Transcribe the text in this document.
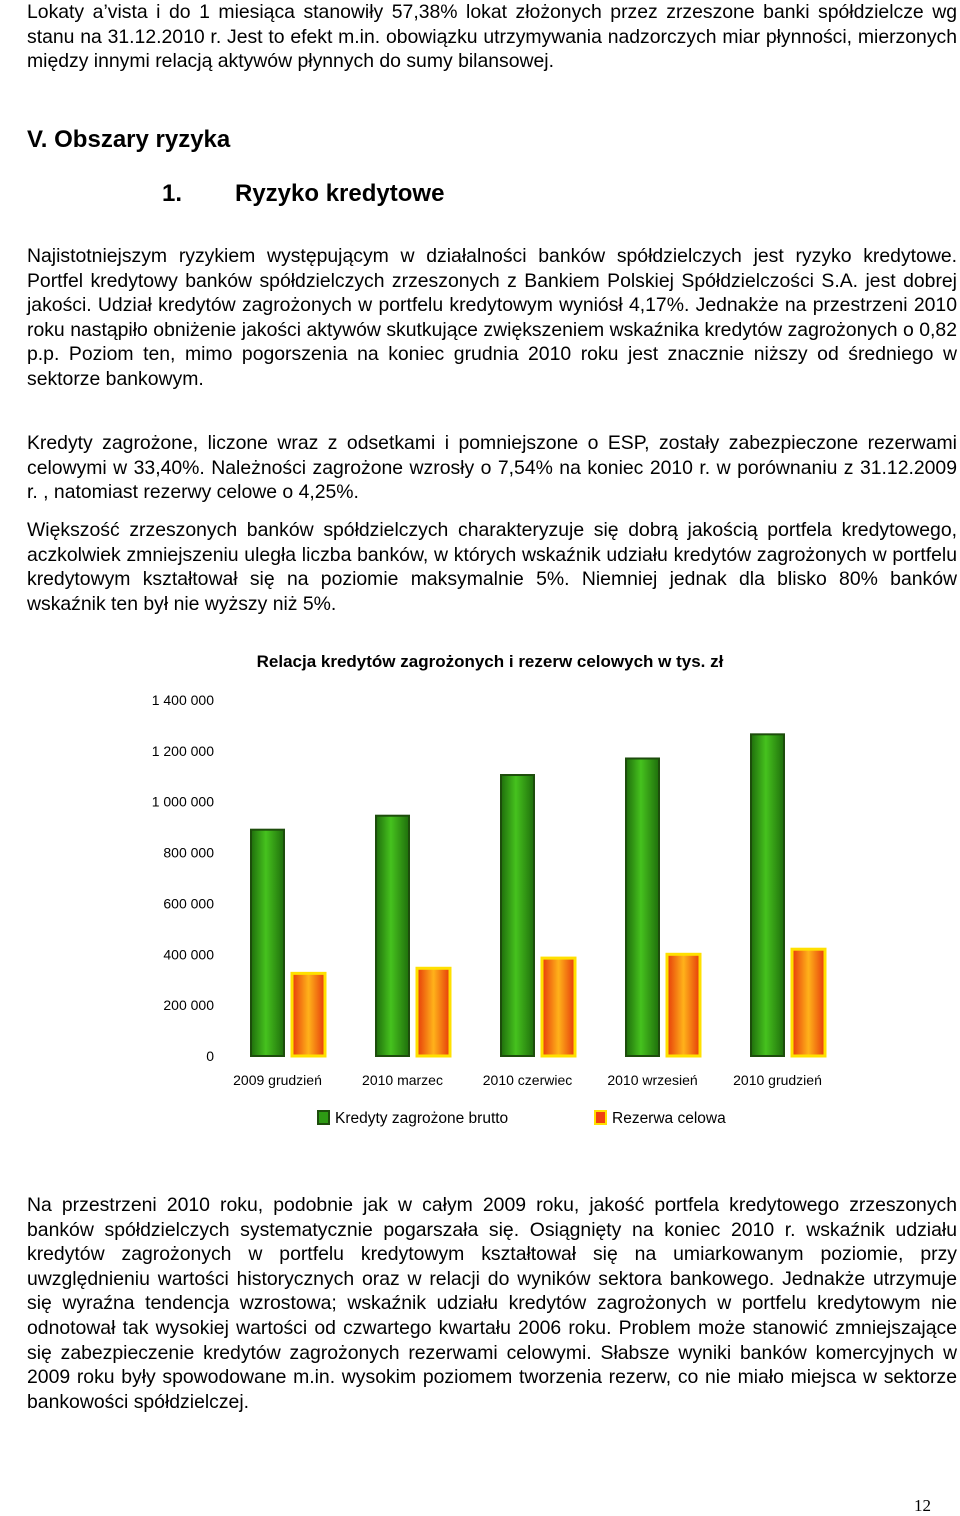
Lokaty a’vista i do 1 miesiąca stanowiły 57,38% lokat złożonych przez zrzeszone banki spółdzielcze wg stanu na 31.12.2010 r. Jest to efekt m.in. obowiązku utrzymywania nadzorczych miar płynności, mierzonych między innymi relacją aktywów płynnych do sumy bilansowej.

V. Obszary ryzyka
1. Ryzyko kredytowe

Najistotniejszym ryzykiem występującym w działalności banków spółdzielczych jest ryzyko kredytowe. Portfel kredytowy banków spółdzielczych zrzeszonych z Bankiem Polskiej Spółdzielczości S.A. jest dobrej jakości. Udział kredytów zagrożonych w portfelu kredytowym wyniósł 4,17%. Jednakże na przestrzeni 2010 roku nastąpiło obniżenie jakości aktywów skutkujące zwiększeniem wskaźnika kredytów zagrożonych o 0,82 p.p. Poziom ten, mimo pogorszenia na koniec grudnia 2010 roku jest znacznie niższy od średniego w sektorze bankowym.

Kredyty zagrożone, liczone wraz z odsetkami i pomniejszone o ESP, zostały zabezpieczone rezerwami celowymi w 33,40%. Należności zagrożone wzrosły o 7,54% na koniec 2010 r. w porównaniu z 31.12.2009 r. , natomiast rezerwy celowe o 4,25%.

Większość zrzeszonych banków spółdzielczych charakteryzuje się dobrą jakością portfela kredytowego, aczkolwiek zmniejszeniu uległa liczba banków, w których wskaźnik udziału kredytów zagrożonych w portfelu kredytowym kształtował się na poziomie maksymalnie 5%. Niemniej jednak dla blisko 80% banków wskaźnik ten był nie wyższy niż 5%.

Relacja kredytów zagrożonych i rezerw celowych w tys. zł
0
200 000
400 000
600 000
800 000
1 000 000
1 200 000
1 400 000
2009 grudzień	2010 marzec	2010 czerwiec	2010 wrzesień	2010 grudzień
Kredyty zagrożone brutto	Rezerwa celowa
12

Na przestrzeni 2010 roku, podobnie jak w całym 2009 roku, jakość portfela kredytowego zrzeszonych banków spółdzielczych systematycznie pogarszała się. Osiągnięty na koniec 2010 r. wskaźnik udziału kredytów zagrożonych w portfelu kredytowym kształtował się na umiarkowanym poziomie, przy uwzględnieniu wartości historycznych oraz w relacji do wyników sektora bankowego. Jednakże utrzymuje się wyraźna tendencja wzrostowa; wskaźnik udziału kredytów zagrożonych w portfelu kredytowym nie odnotował tak wysokiej wartości od czwartego kwartału 2006 roku. Problem może stanowić zmniejszające się zabezpieczenie kredytów zagrożonych rezerwami celowymi. Słabsze wyniki banków komercyjnych w 2009 roku były spowodowane m.in. wysokim poziomem tworzenia rezerw, co nie miało miejsca w sektorze bankowości spółdzielczej.
